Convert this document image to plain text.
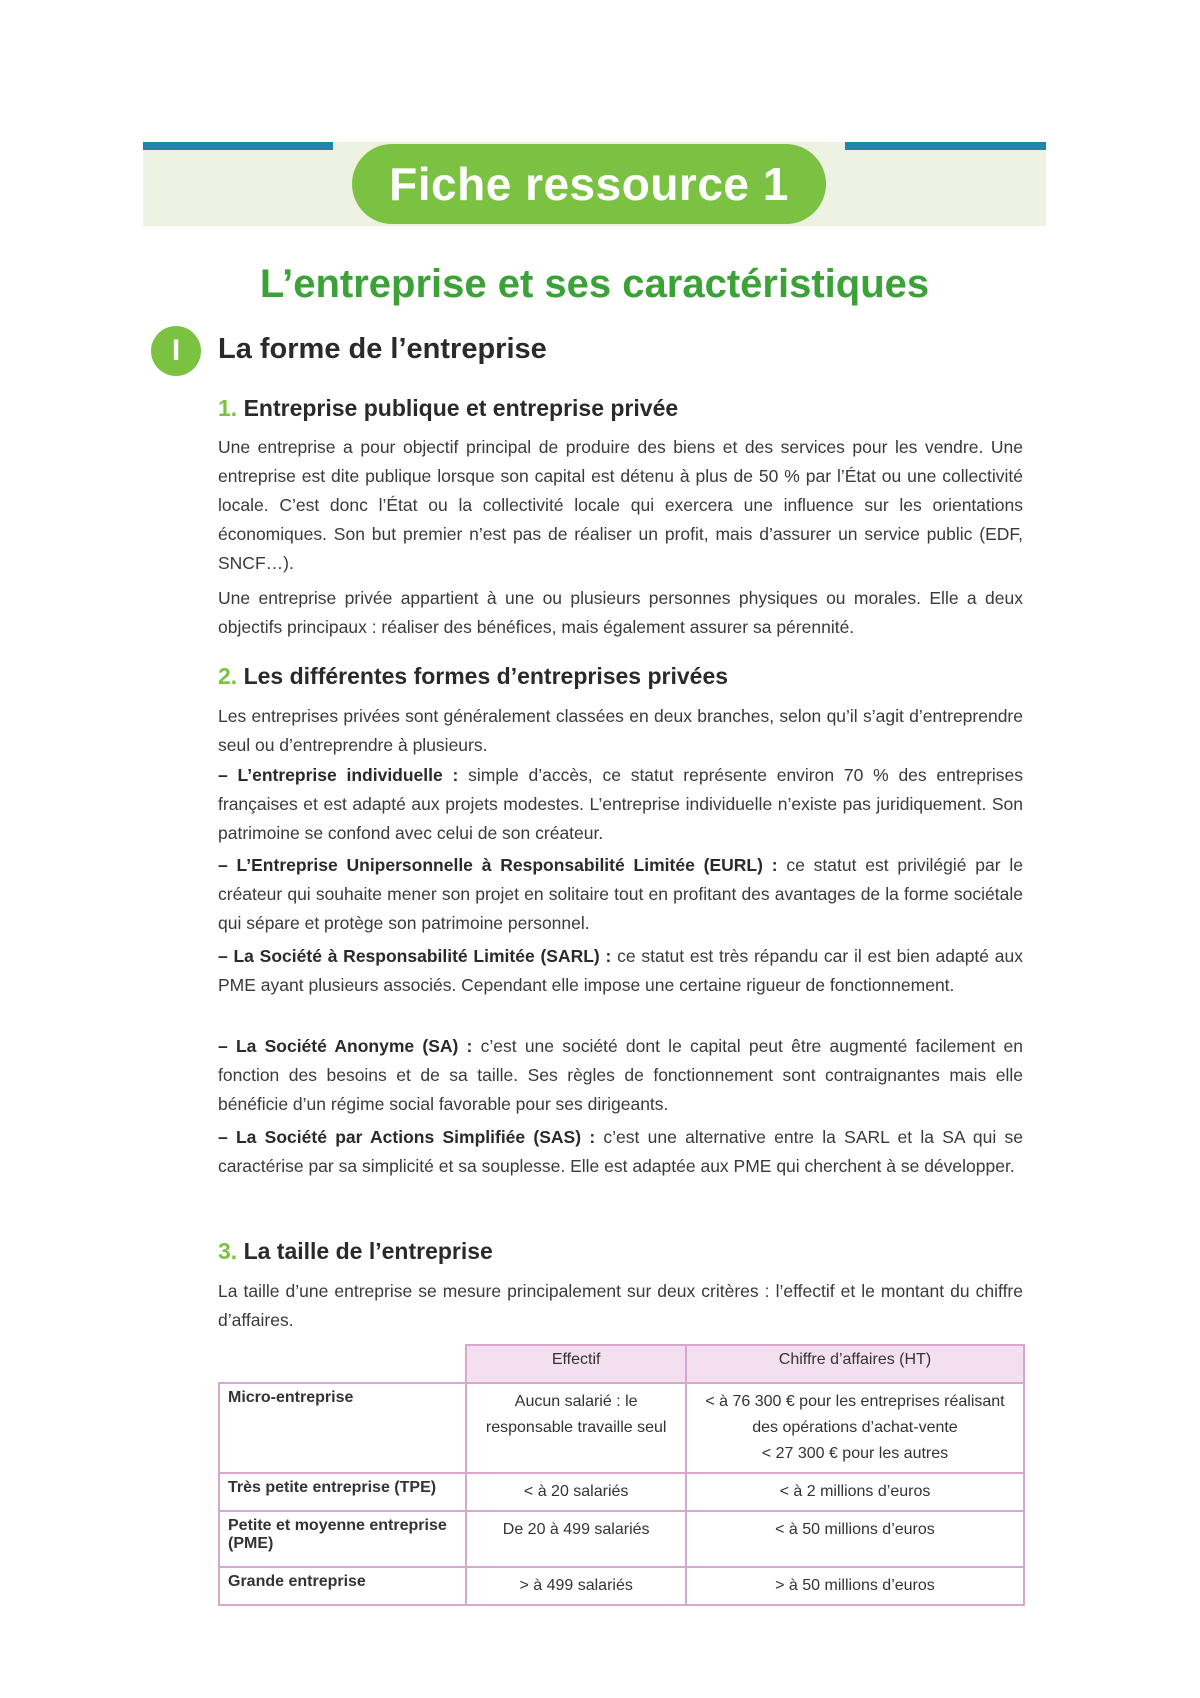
Fiche ressource 1
L’entreprise et ses caractéristiques
I	La forme de l’entreprise
1. Entreprise publique et entreprise privée

Une entreprise a pour objectif principal de produire des biens et des services pour les vendre. Une entreprise est dite publique lorsque son capital est détenu à plus de 50 % par l’État ou une collectivité locale. C’est donc l’État ou la collectivité locale qui exercera une influence sur les orientations économiques. Son but premier n’est pas de réaliser un profit, mais d’assurer un service public (EDF, SNCF…).

Une entreprise privée appartient à une ou plusieurs personnes physiques ou morales. Elle a deux objectifs principaux : réaliser des bénéfices, mais également assurer sa pérennité.

2. Les différentes formes d’entreprises privées

Les entreprises privées sont généralement classées en deux branches, selon qu’il s’agit d’entreprendre seul ou d’entreprendre à plusieurs.

– L’entreprise individuelle : simple d’accès, ce statut représente environ 70 % des entreprises françaises et est adapté aux projets modestes. L’entreprise individuelle n’existe pas juridiquement. Son patrimoine se confond avec celui de son créateur.

– L’Entreprise Unipersonnelle à Responsabilité Limitée (EURL) : ce statut est privilégié par le créateur qui souhaite mener son projet en solitaire tout en profitant des avantages de la forme sociétale qui sépare et protège son patrimoine personnel.

– La Société à Responsabilité Limitée (SARL) : ce statut est très répandu car il est bien adapté aux PME ayant plusieurs associés. Cependant elle impose une certaine rigueur de fonctionnement.

– La Société Anonyme (SA) : c’est une société dont le capital peut être augmenté facilement en fonction des besoins et de sa taille. Ses règles de fonctionnement sont contraignantes mais elle bénéficie d’un régime social favorable pour ses dirigeants.

– La Société par Actions Simplifiée (SAS) : c’est une alternative entre la SARL et la SA qui se caractérise par sa simplicité et sa souplesse. Elle est adaptée aux PME qui cherchent à se développer.

3. La taille de l’entreprise

La taille d’une entreprise se mesure principalement sur deux critères : l’effectif et le montant du chiffre d’affaires.

	Effectif	Chiffre d’affaires (HT)
Micro-entreprise	Aucun salarié : le responsable travaille seul	< à 76 300 € pour les entreprises réalisant des opérations d’achat-vente
< 27 300 € pour les autres

Très petite entreprise (TPE)	< à 20 salariés	< à 2 millions d’euros
Petite et moyenne entreprise (PME)	De 20 à 499 salariés	< à 50 millions d’euros
Grande entreprise	> à 499 salariés	> à 50 millions d’euros
